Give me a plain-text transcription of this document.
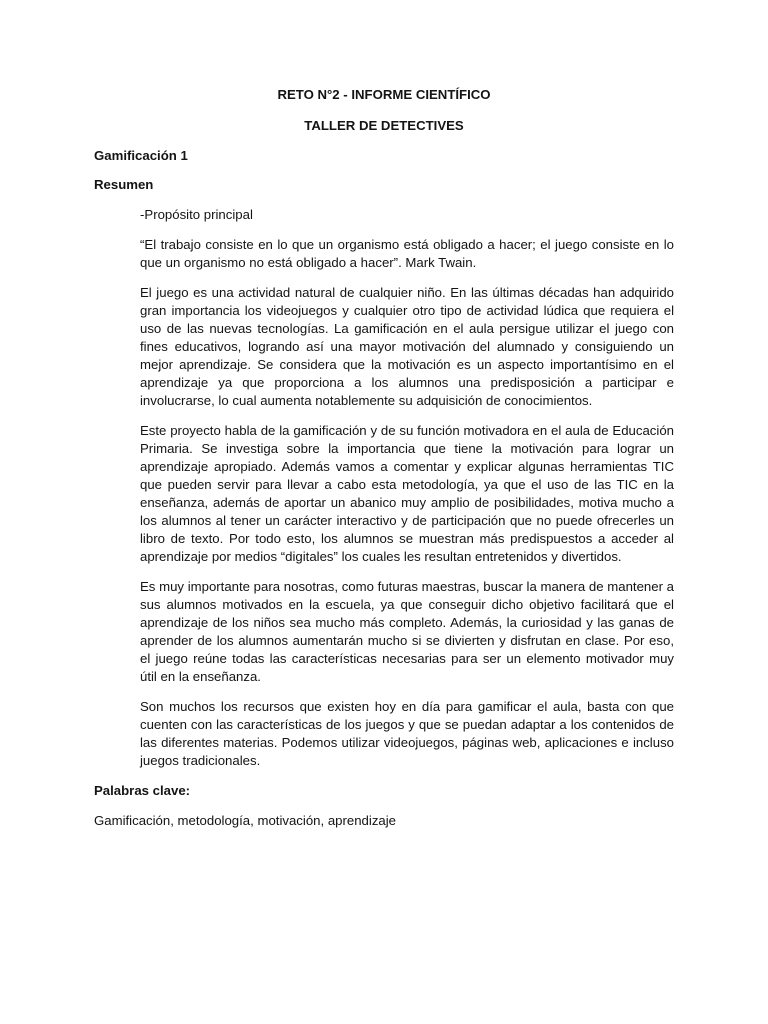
RETO N°2 - INFORME CIENTÍFICO

TALLER DE DETECTIVES

Gamificación 1

Resumen

-Propósito principal

“El trabajo consiste en lo que un organismo está obligado a hacer; el juego consiste en lo que un organismo no está obligado a hacer”. Mark Twain.

El juego es una actividad natural de cualquier niño. En las últimas décadas han adquirido gran importancia los videojuegos y cualquier otro tipo de actividad lúdica que requiera el uso de las nuevas tecnologías. La gamificación en el aula persigue utilizar el juego con fines educativos, logrando así una mayor motivación del alumnado y consiguiendo un mejor aprendizaje. Se considera que la motivación es un aspecto importantísimo en el aprendizaje ya que proporciona a los alumnos una predisposición a participar e involucrarse, lo cual aumenta notablemente su adquisición de conocimientos.

Este proyecto habla de la gamificación y de su función motivadora en el aula de Educación Primaria. Se investiga sobre la importancia que tiene la motivación para lograr un aprendizaje apropiado. Además vamos a comentar y explicar algunas herramientas TIC que pueden servir para llevar a cabo esta metodología, ya que el uso de las TIC en la enseñanza, además de aportar un abanico muy amplio de posibilidades, motiva mucho a los alumnos al tener un carácter interactivo y de participación que no puede ofrecerles un libro de texto. Por todo esto, los alumnos se muestran más predispuestos a acceder al aprendizaje por medios “digitales” los cuales les resultan entretenidos y divertidos.

Es muy importante para nosotras, como futuras maestras, buscar la manera de mantener a sus alumnos motivados en la escuela, ya que conseguir dicho objetivo facilitará que el aprendizaje de los niños sea mucho más completo. Además, la curiosidad y las ganas de aprender de los alumnos aumentarán mucho si se divierten y disfrutan en clase. Por eso, el juego reúne todas las características necesarias para ser un elemento motivador muy útil en la enseñanza.

Son muchos los recursos que existen hoy en día para gamificar el aula, basta con que cuenten con las características de los juegos y que se puedan adaptar a los contenidos de las diferentes materias. Podemos utilizar videojuegos, páginas web, aplicaciones e incluso juegos tradicionales.

Palabras clave:

Gamificación, metodología, motivación, aprendizaje
